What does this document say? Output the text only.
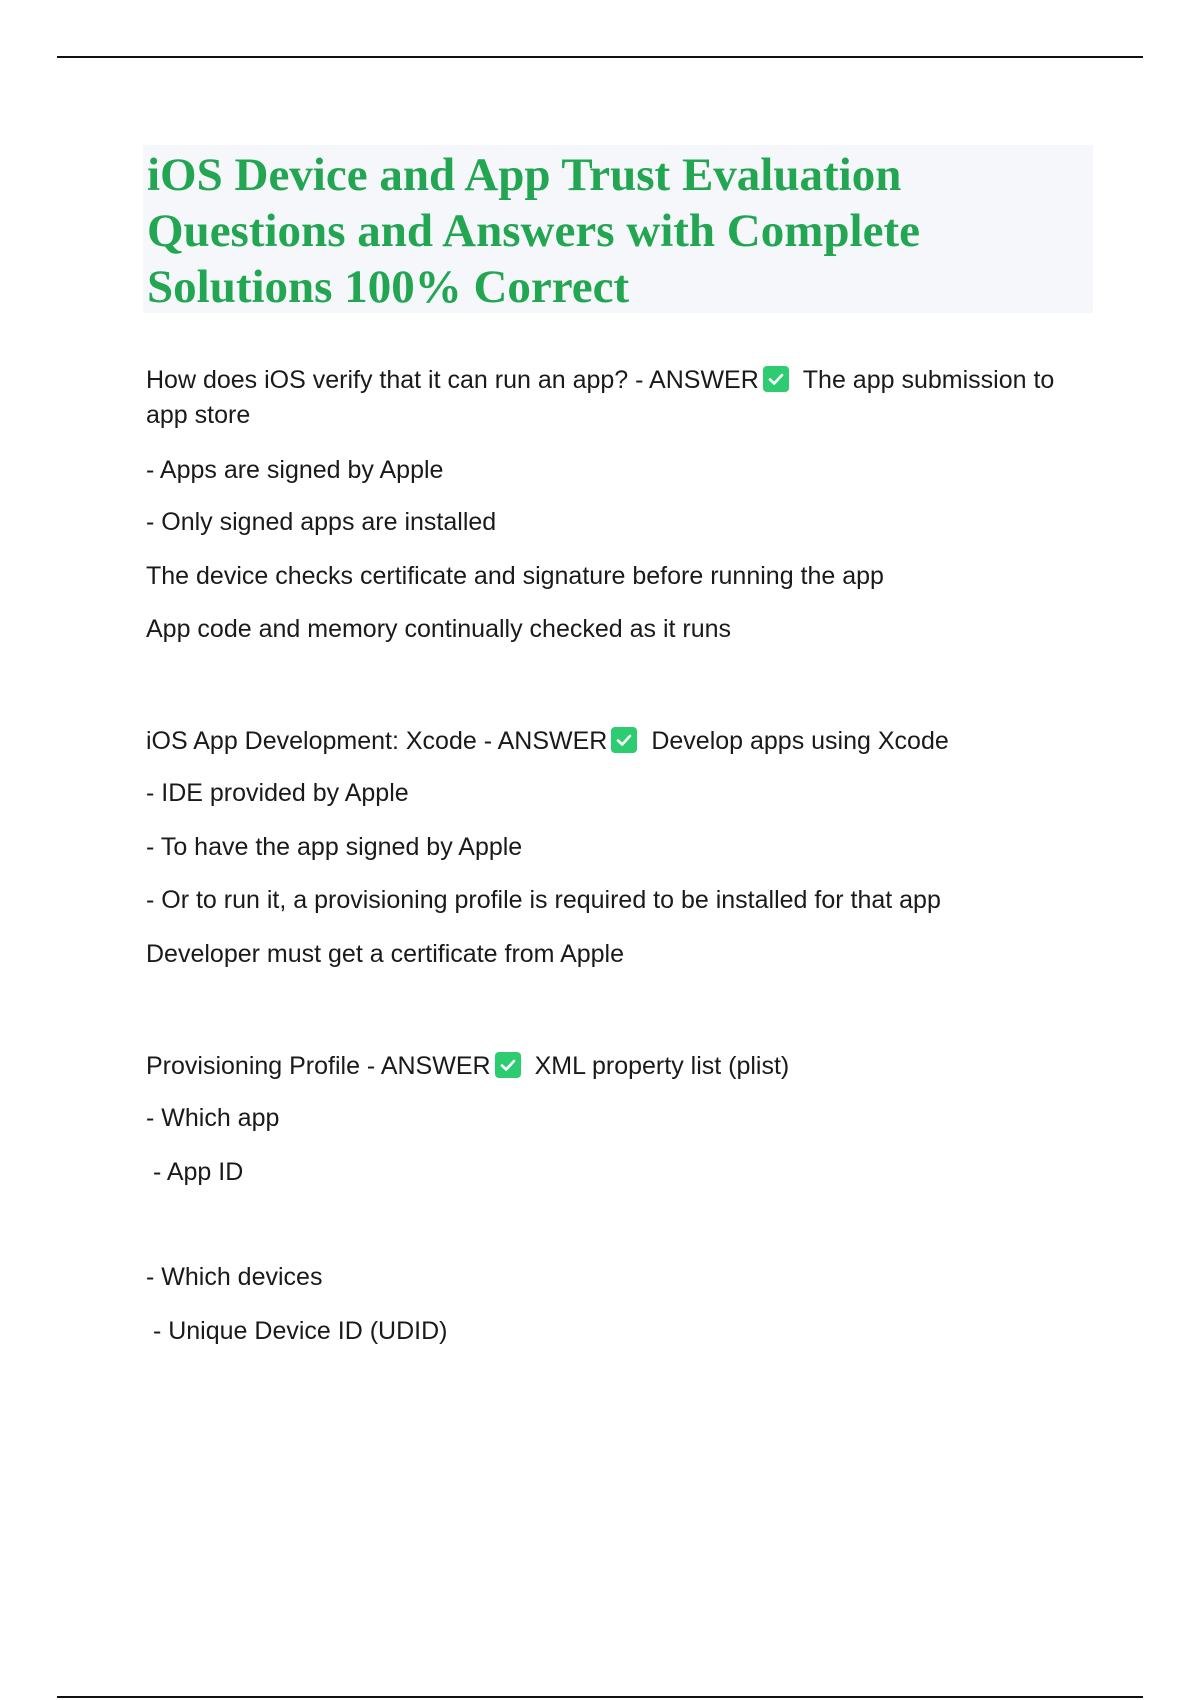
iOS Device and App Trust Evaluation Questions and Answers with Complete Solutions 100% Correct
How does iOS verify that it can run an app? - ANSWER The app submission to
app store
- Apps are signed by Apple
- Only signed apps are installed
The device checks certificate and signature before running the app
App code and memory continually checked as it runs
iOS App Development: Xcode - ANSWER Develop apps using Xcode
- IDE provided by Apple
- To have the app signed by Apple
- Or to run it, a provisioning profile is required to be installed for that app
Developer must get a certificate from Apple
Provisioning Profile - ANSWER XML property list (plist)
- Which app
- App ID
- Which devices
- Unique Device ID (UDID)
